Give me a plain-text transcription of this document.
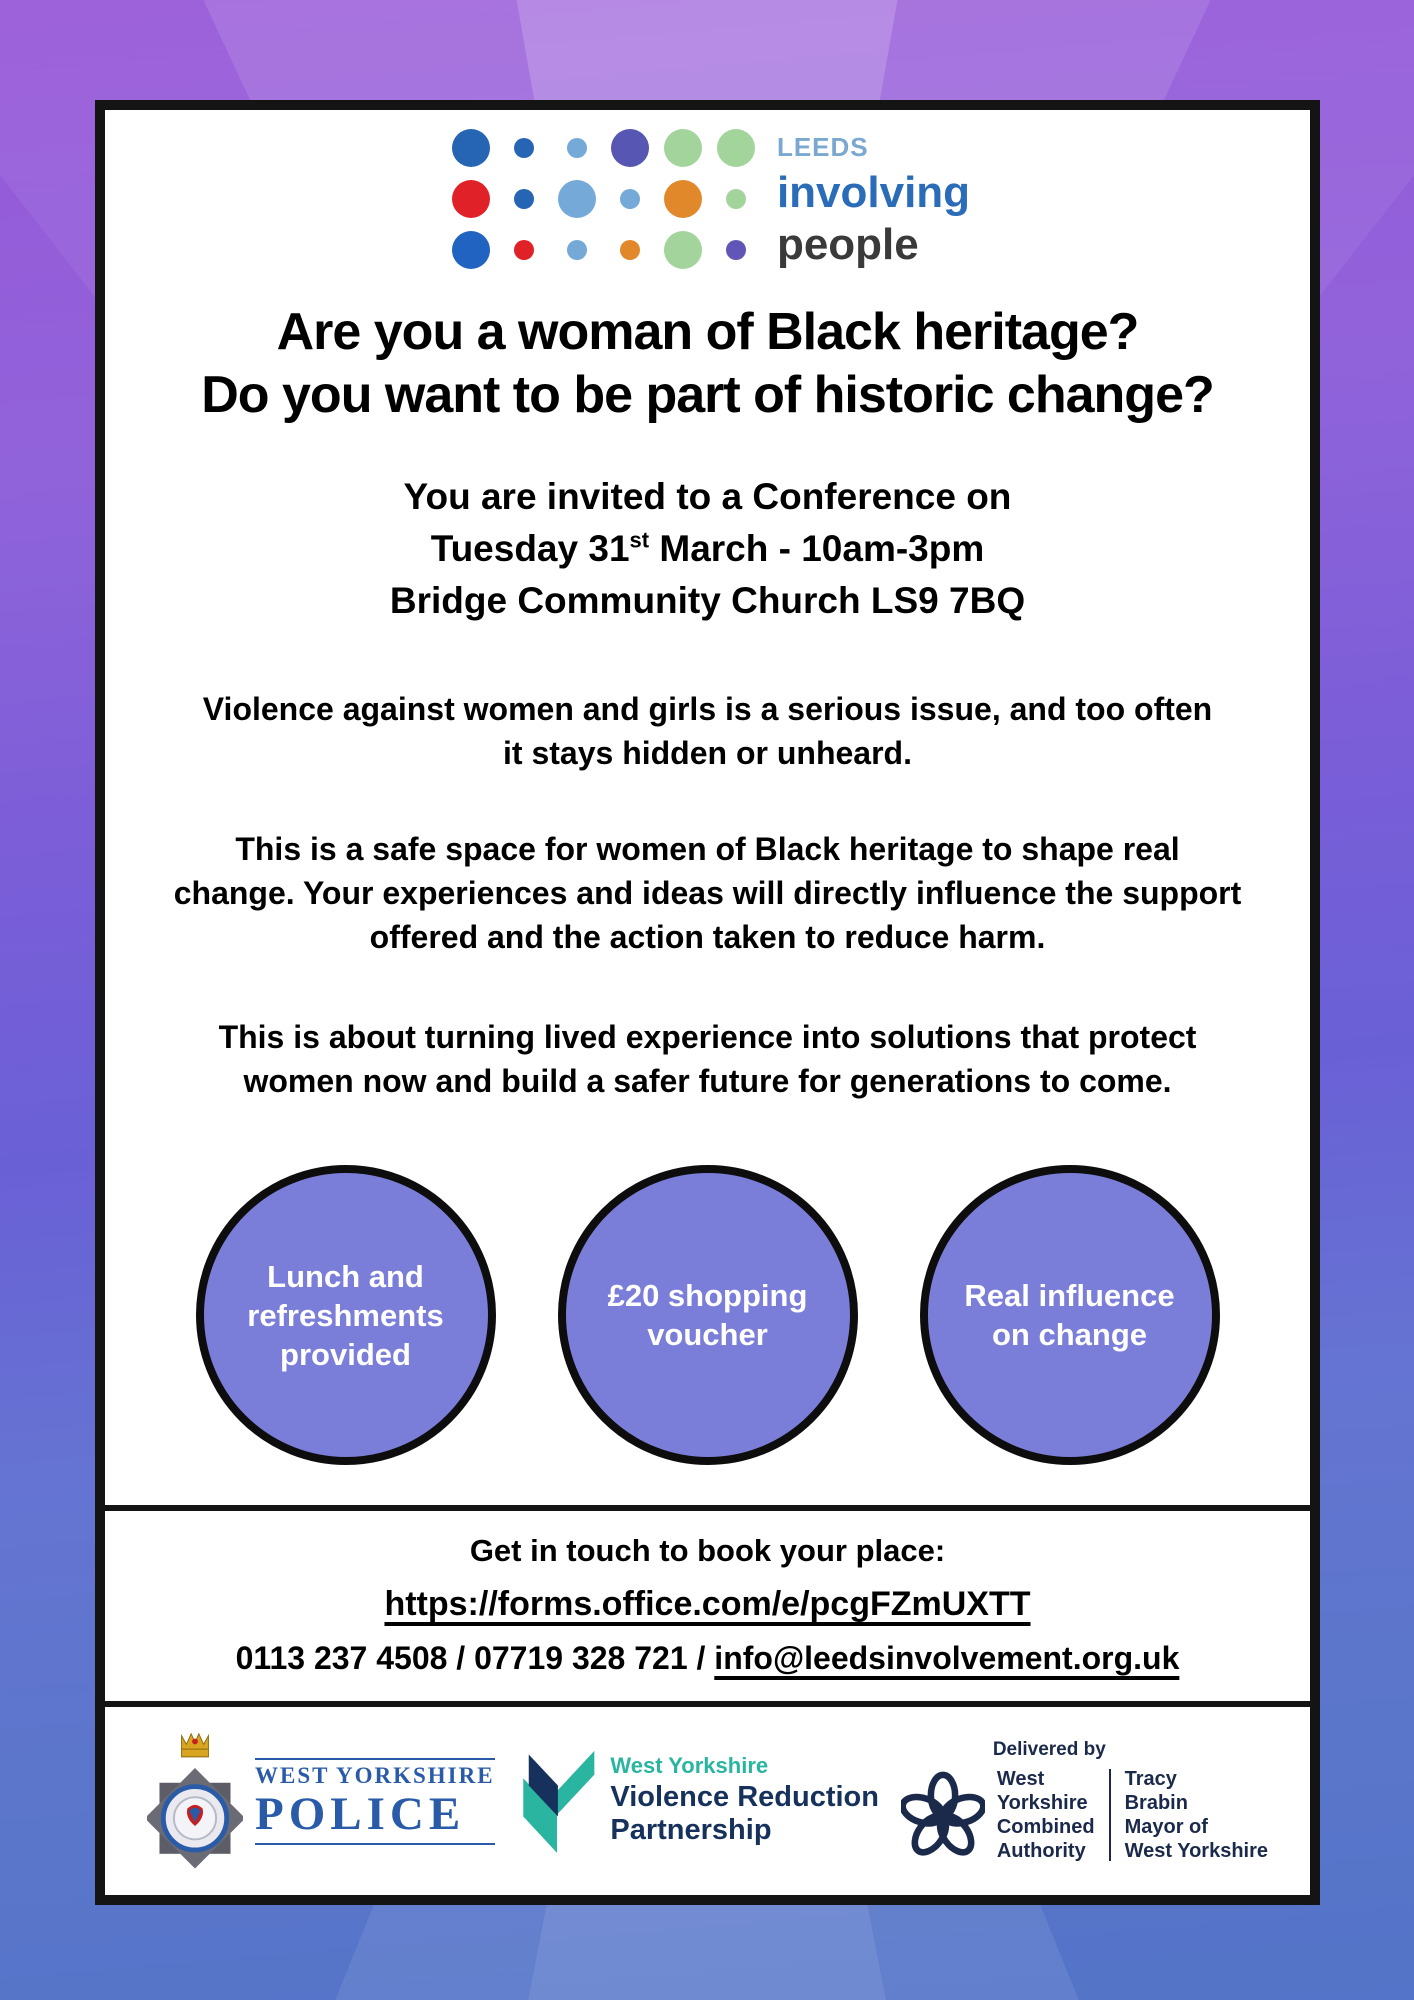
LEEDS
involving
people
Are you a woman of Black heritage?
Do you want to be part of historic change?
You are invited to a Conference on
Tuesday 31st March - 10am-3pm
Bridge Community Church LS9 7BQ
Violence against women and girls is a serious issue, and too often it stays hidden or unheard.
This is a safe space for women of Black heritage to shape real change. Your experiences and ideas will directly influence the support offered and the action taken to reduce harm.
This is about turning lived experience into solutions that protect women now and build a safer future for generations to come.
Lunch and refreshments provided
£20 shopping voucher
Real influence on change
Get in touch to book your place:
https://forms.office.com/e/pcgFZmUXTT
0113 237 4508 / 07719 328 721 / info@leedsinvolvement.org.uk
WEST YORKSHIRE
POLICE
West Yorkshire
Violence Reduction
Partnership
Delivered by
West
Yorkshire
Combined
Authority
Tracy
Brabin
Mayor of
West Yorkshire
